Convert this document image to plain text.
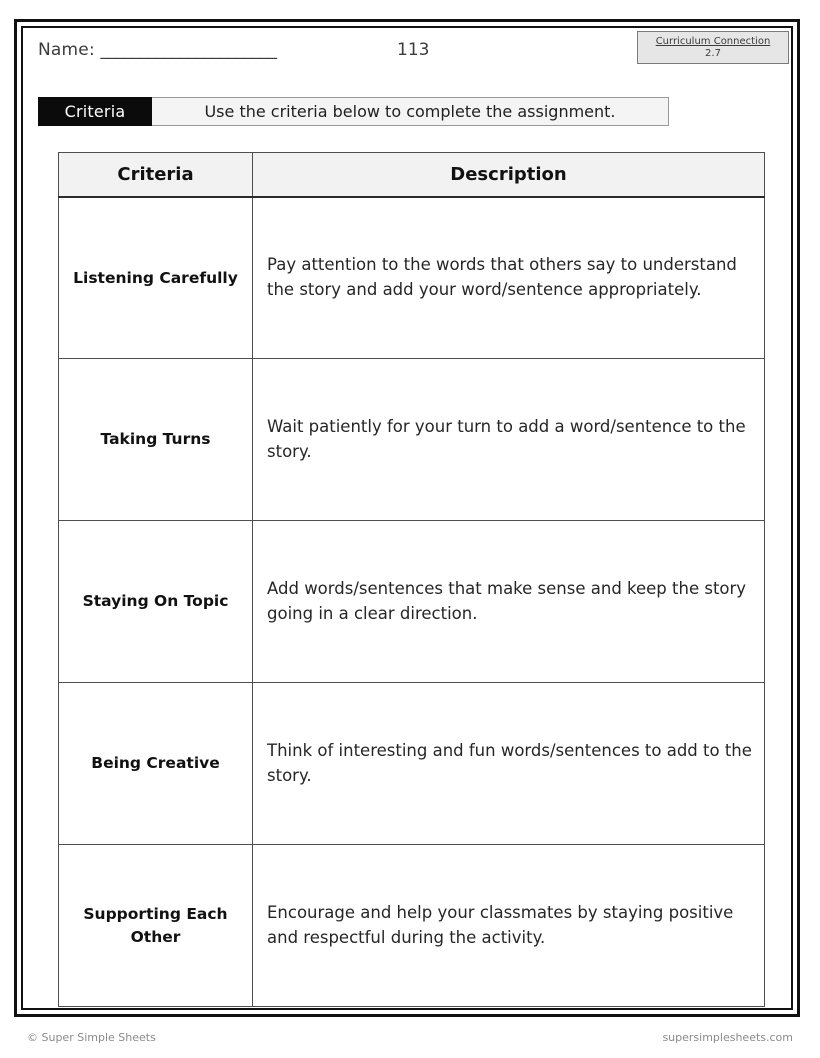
Name: ______________________	113	Curriculum Connection
2.7
Criteria	Use the criteria below to complete the assignment.
Criteria	Description
Listening Carefully	Pay attention to the words that others say to understand the story and add your word/sentence appropriately.
Taking Turns	Wait patiently for your turn to add a word/sentence to the story.
Staying On Topic	Add words/sentences that make sense and keep the story going in a clear direction.
Being Creative	Think of interesting and fun words/sentences to add to the story.
Supporting Each Other	Encourage and help your classmates by staying positive and respectful during the activity.
© Super Simple Sheets	supersimplesheets.com
